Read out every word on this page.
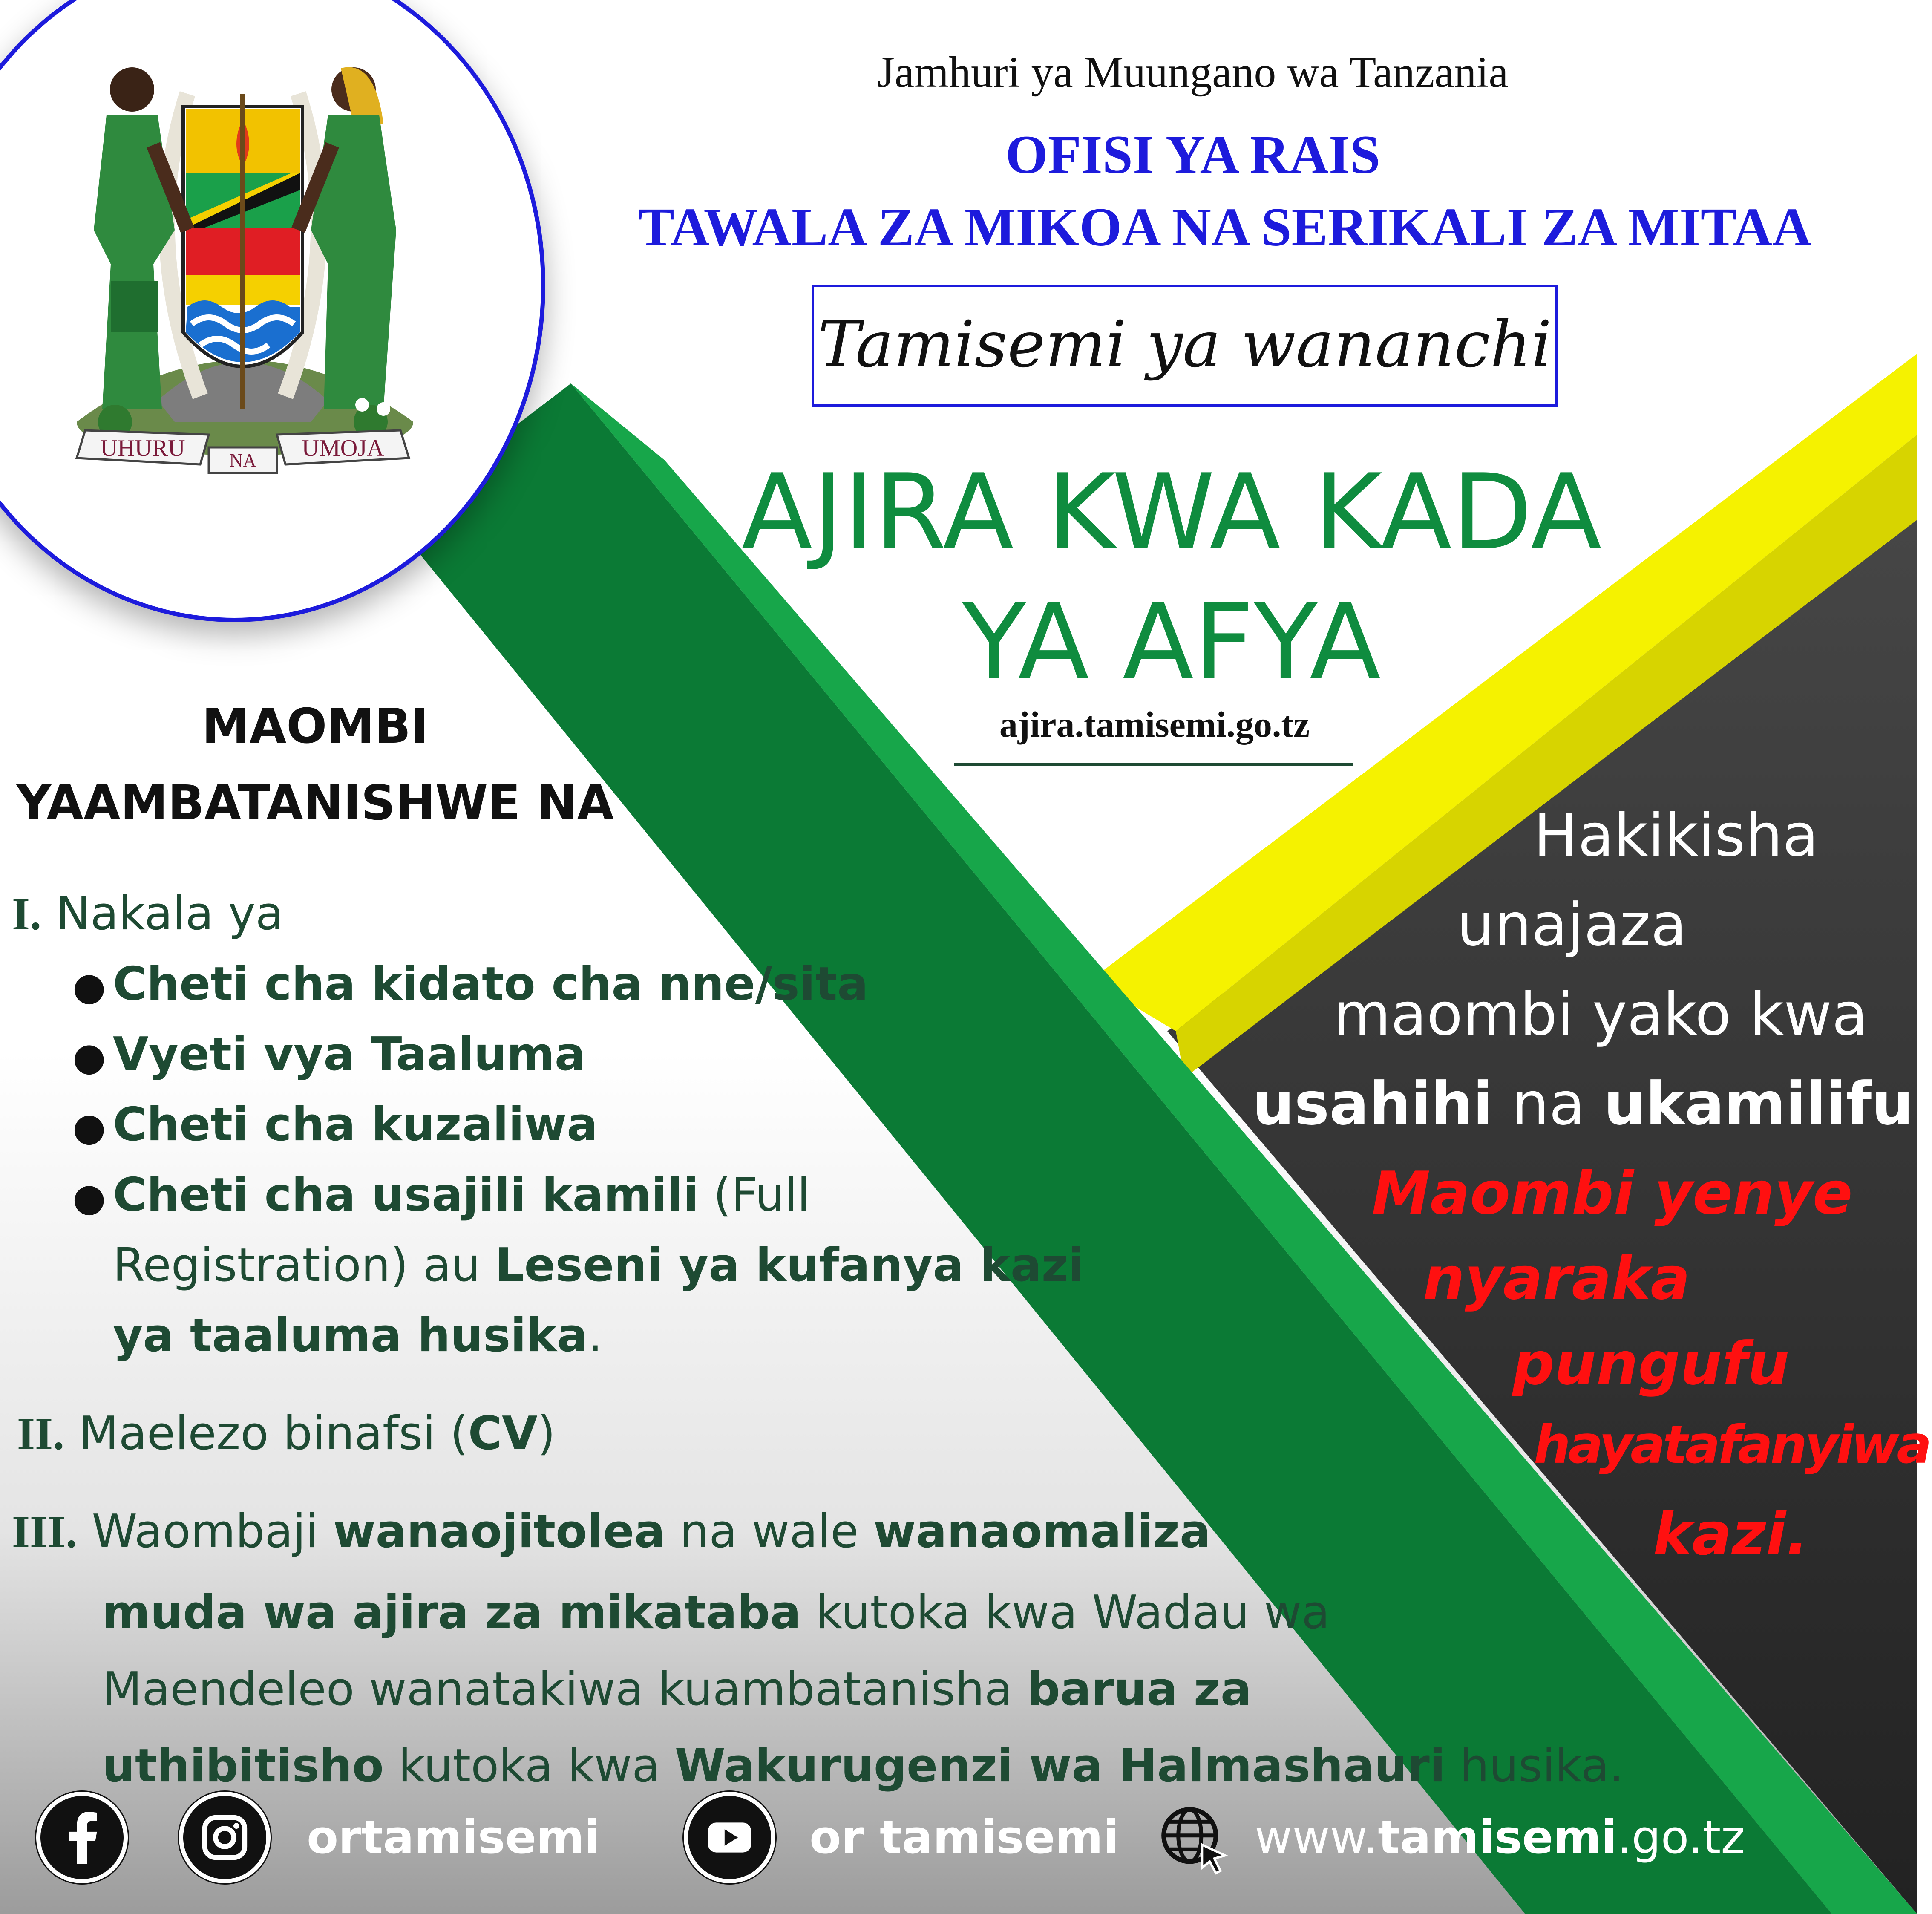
UHURU NA UMOJA
Jamhuri ya Muungano wa Tanzania
OFISI YA RAIS
TAWALA ZA MIKOA NA SERIKALI ZA MITAA
Tamisemi ya wananchi
AJIRA KWA KADA
YA AFYA
ajira.tamisemi.go.tz
MAOMBI
YAAMBATANISHWE NA
I. Nakala ya
● Cheti cha kidato cha nne/sita
● Vyeti vya Taaluma
● Cheti cha kuzaliwa
● Cheti cha usajili kamili (Full
Registration) au Leseni ya kufanya kazi
ya taaluma husika.
II. Maelezo binafsi (CV)
III. Waombaji wanaojitolea na wale wanaomaliza
muda wa ajira za mikataba kutoka kwa Wadau wa
Maendeleo wanatakiwa kuambatanisha barua za
uthibitisho kutoka kwa Wakurugenzi wa Halmashauri husika.
Hakikisha
unajaza
maombi yako kwa
usahihi na ukamilifu.
Maombi yenye
nyaraka
pungufu
hayatafanyiwa
kazi.
ortamisemi	or tamisemi	www.tamisemi.go.tz
